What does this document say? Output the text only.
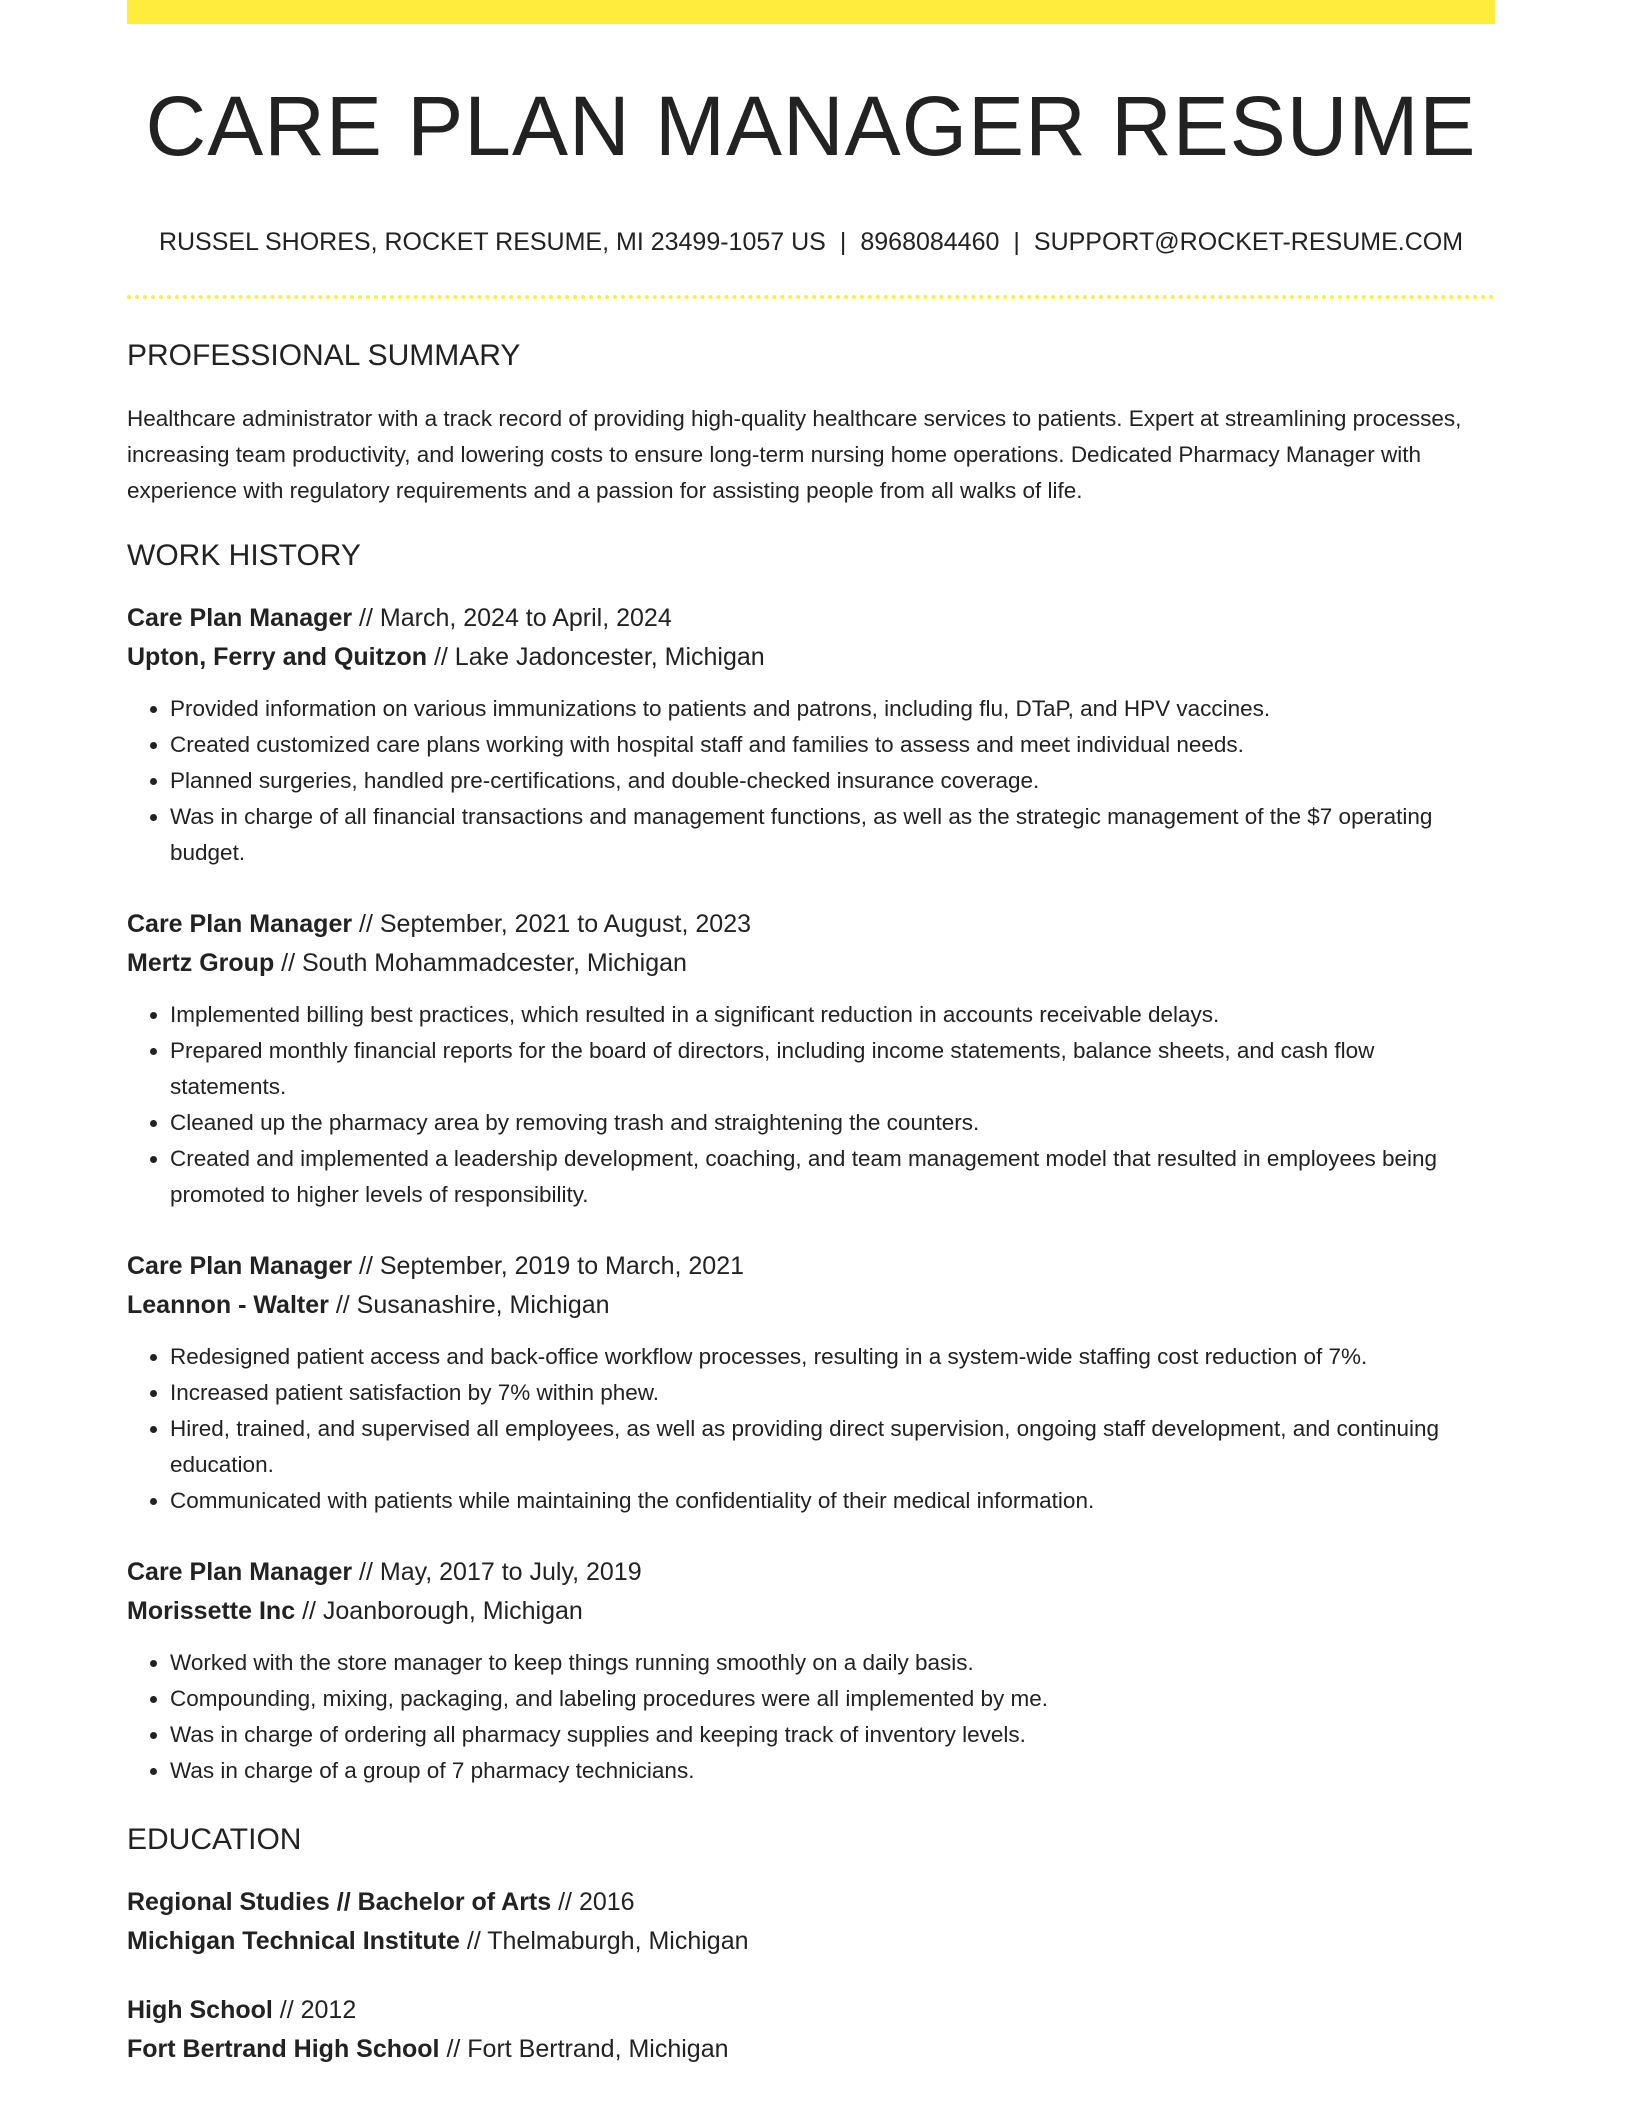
CARE PLAN MANAGER RESUME
RUSSEL SHORES, ROCKET RESUME, MI 23499-1057 US | 8968084460 | SUPPORT@ROCKET-RESUME.COM
PROFESSIONAL SUMMARY

Healthcare administrator with a track record of providing high-quality healthcare services to patients. Expert at streamlining processes, increasing team productivity, and lowering costs to ensure long-term nursing home operations. Dedicated Pharmacy Manager with experience with regulatory requirements and a passion for assisting people from all walks of life.

WORK HISTORY
Care Plan Manager // March, 2024 to April, 2024
Upton, Ferry and Quitzon // Lake Jadoncester, Michigan
• Provided information on various immunizations to patients and patrons, including flu, DTaP, and HPV vaccines.
• Created customized care plans working with hospital staff and families to assess and meet individual needs.
• Planned surgeries, handled pre-certifications, and double-checked insurance coverage.
• Was in charge of all financial transactions and management functions, as well as the strategic management of the $7 operating budget.
Care Plan Manager // September, 2021 to August, 2023
Mertz Group // South Mohammadcester, Michigan
• Implemented billing best practices, which resulted in a significant reduction in accounts receivable delays.
• Prepared monthly financial reports for the board of directors, including income statements, balance sheets, and cash flow statements.
• Cleaned up the pharmacy area by removing trash and straightening the counters.
• Created and implemented a leadership development, coaching, and team management model that resulted in employees being promoted to higher levels of responsibility.
Care Plan Manager // September, 2019 to March, 2021
Leannon - Walter // Susanashire, Michigan
• Redesigned patient access and back-office workflow processes, resulting in a system-wide staffing cost reduction of 7%.
• Increased patient satisfaction by 7% within phew.
• Hired, trained, and supervised all employees, as well as providing direct supervision, ongoing staff development, and continuing education.
• Communicated with patients while maintaining the confidentiality of their medical information.
Care Plan Manager // May, 2017 to July, 2019
Morissette Inc // Joanborough, Michigan
• Worked with the store manager to keep things running smoothly on a daily basis.
• Compounding, mixing, packaging, and labeling procedures were all implemented by me.
• Was in charge of ordering all pharmacy supplies and keeping track of inventory levels.
• Was in charge of a group of 7 pharmacy technicians.
EDUCATION
Regional Studies // Bachelor of Arts // 2016
Michigan Technical Institute // Thelmaburgh, Michigan
High School // 2012
Fort Bertrand High School // Fort Bertrand, Michigan
